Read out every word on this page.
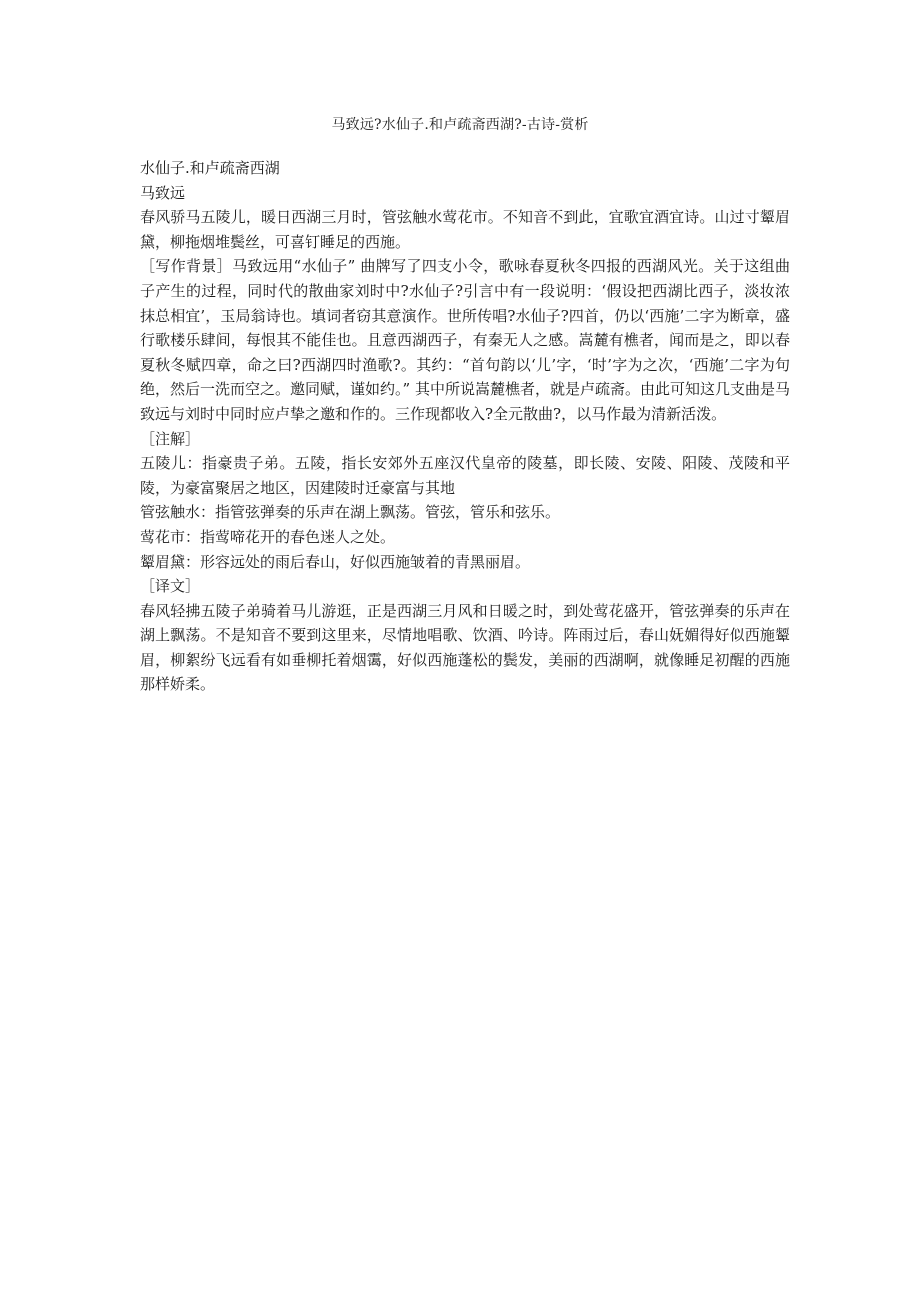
马致远?水仙子.和卢疏斋西湖?-古诗-赏析

水仙子.和卢疏斋西湖

马致远

春风骄马五陵儿，暖日西湖三月时，管弦触水莺花市。不知音不到此，宜歌宜酒宜诗。山过寸颦眉黛，柳拖烟堆鬓丝，可喜钉睡足的西施。

［写作背景］马致远用“水仙子” 曲牌写了四支小令，歌咏春夏秋冬四报的西湖风光。关于这组曲子产生的过程，同时代的散曲家刘时中?水仙子?引言中有一段说明：‘假设把西湖比西子，淡妆浓抹总相宜’，玉局翁诗也。填词者窃其意演作。世所传唱?水仙子?四首，仍以‘西施’二字为断章，盛行歌楼乐肆间，每恨其不能佳也。且意西湖西子，有秦无人之感。嵩麓有樵者，闻而是之，即以春夏秋冬赋四章，命之曰?西湖四时渔歌?。其约：“首句韵以‘儿’字，‘时’字为之次，‘西施’二字为句绝，然后一洗而空之。邀同赋，谨如约。” 其中所说嵩麓樵者，就是卢疏斋。由此可知这几支曲是马致远与刘时中同时应卢挚之邀和作的。三作现都收入?全元散曲?，以马作最为清新活泼。

［注解］

五陵儿：指豪贵子弟。五陵，指长安郊外五座汉代皇帝的陵墓，即长陵、安陵、阳陵、茂陵和平陵，为豪富聚居之地区，因建陵时迁豪富与其地

管弦触水：指管弦弹奏的乐声在湖上飘荡。管弦，管乐和弦乐。

莺花市：指莺啼花开的春色迷人之处。

颦眉黛：形容远处的雨后春山，好似西施皱着的青黑丽眉。

［译文］

春风轻拂五陵子弟骑着马儿游逛，正是西湖三月风和日暖之时，到处莺花盛开，管弦弹奏的乐声在湖上飘荡。不是知音不要到这里来，尽情地唱歌、饮酒、吟诗。阵雨过后，春山妩媚得好似西施颦眉，柳絮纷飞远看有如垂柳托着烟霭，好似西施蓬松的鬓发，美丽的西湖啊，就像睡足初醒的西施那样娇柔。
